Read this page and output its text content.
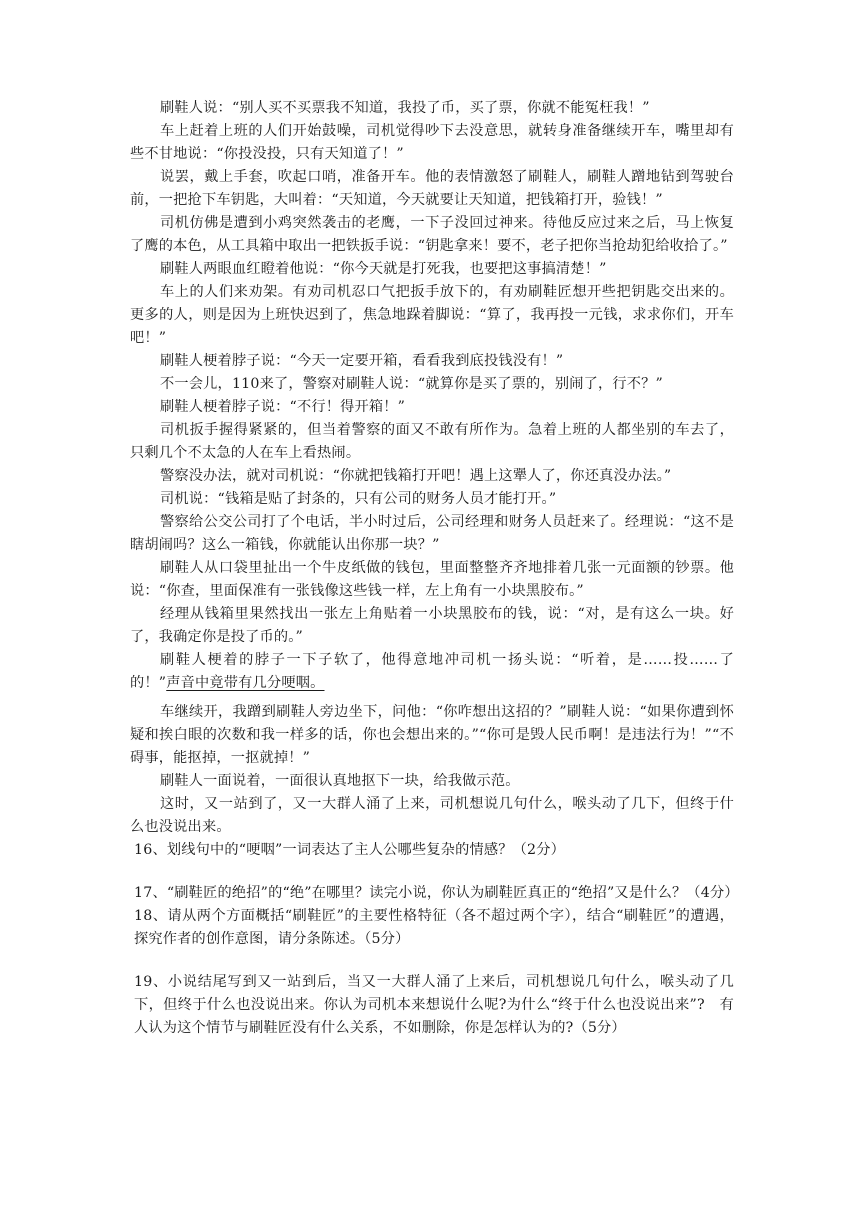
刷鞋人说：“别人买不买票我不知道，我投了币，买了票，你就不能冤枉我！”

车上赶着上班的人们开始鼓噪，司机觉得吵下去没意思，就转身准备继续开车，嘴里却有些不甘地说：“你投没投，只有天知道了！”

说罢，戴上手套，吹起口哨，准备开车。他的表情激怒了刷鞋人，刷鞋人蹭地钻到驾驶台前，一把抢下车钥匙，大叫着：“天知道，今天就要让天知道，把钱箱打开，验钱！”

司机仿佛是遭到小鸡突然袭击的老鹰，一下子没回过神来。待他反应过来之后，马上恢复了鹰的本色，从工具箱中取出一把铁扳手说：“钥匙拿来！要不，老子把你当抢劫犯给收拾了。”

刷鞋人两眼血红瞪着他说：“你今天就是打死我，也要把这事搞清楚！”

车上的人们来劝架。有劝司机忍口气把扳手放下的，有劝刷鞋匠想开些把钥匙交出来的。更多的人，则是因为上班快迟到了，焦急地跺着脚说：“算了，我再投一元钱，求求你们，开车吧！”

刷鞋人梗着脖子说：“今天一定要开箱，看看我到底投钱没有！”

不一会儿，110来了，警察对刷鞋人说：“就算你是买了票的，别闹了，行不？”

刷鞋人梗着脖子说：“不行！得开箱！”

司机扳手握得紧紧的，但当着警察的面又不敢有所作为。急着上班的人都坐别的车去了，只剩几个不太急的人在车上看热闹。

警察没办法，就对司机说：“你就把钱箱打开吧！遇上这犟人了，你还真没办法。”

司机说：“钱箱是贴了封条的，只有公司的财务人员才能打开。”

警察给公交公司打了个电话，半小时过后，公司经理和财务人员赶来了。经理说：“这不是瞎胡闹吗？这么一箱钱，你就能认出你那一块？”

刷鞋人从口袋里扯出一个牛皮纸做的钱包，里面整整齐齐地排着几张一元面额的钞票。他说：“你查，里面保准有一张钱像这些钱一样，左上角有一小块黑胶布。”

经理从钱箱里果然找出一张左上角贴着一小块黑胶布的钱，说：“对，是有这么一块。好了，我确定你是投了币的。”

刷鞋人梗着的脖子一下子软了，他得意地冲司机一扬头说：“听着，是……投……了的！”声音中竟带有几分哽咽。

车继续开，我蹭到刷鞋人旁边坐下，问他：“你咋想出这招的？”刷鞋人说：“如果你遭到怀疑和挨白眼的次数和我一样多的话，你也会想出来的。”“你可是毁人民币啊！是违法行为！”“不碍事，能抠掉，一抠就掉！”

刷鞋人一面说着，一面很认真地抠下一块，给我做示范。

这时，又一站到了，又一大群人涌了上来，司机想说几句什么，喉头动了几下，但终于什么也没说出来。

16、划线句中的“哽咽”一词表达了主人公哪些复杂的情感？（2分）

17、“刷鞋匠的绝招”的“绝”在哪里？读完小说，你认为刷鞋匠真正的“绝招”又是什么？（4分）

18、请从两个方面概括“刷鞋匠”的主要性格特征（各不超过两个字），结合“刷鞋匠”的遭遇，探究作者的创作意图，请分条陈述。（5分）

19、小说结尾写到又一站到后，当又一大群人涌了上来后，司机想说几句什么，喉头动了几下，但终于什么也没说出来。你认为司机本来想说什么呢?为什么“终于什么也没说出来”?　有人认为这个情节与刷鞋匠没有什么关系，不如删除，你是怎样认为的?（5分）
